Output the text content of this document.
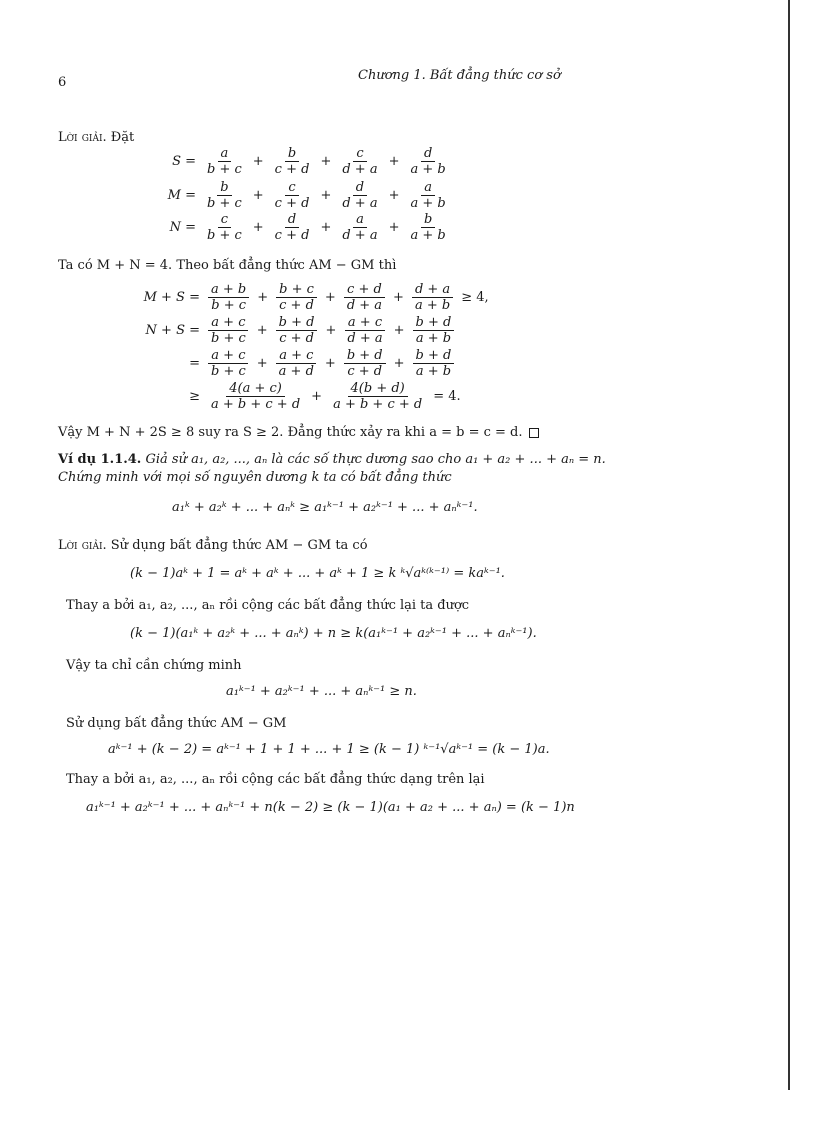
6	Chương 1. Bất đẳng thức cơ sở
Lời giải. Đặt
$S = \frac{a}{b + c} + \frac{b}{c + d} + \frac{c}{d + a} + \frac{d}{a + b}$
$M = \frac{b}{b + c} + \frac{c}{c + d} + \frac{d}{d + a} + \frac{a}{a + b}$
$N = \frac{c}{b + c} + \frac{d}{c + d} + \frac{a}{d + a} + \frac{b}{a + b}$
Ta có M + N = 4. Theo bất đẳng thức AM − GM thì
$M + S = \frac{a + b}{b + c} + \frac{b + c}{c + d} + \frac{c + d}{d + a} + \frac{d + a}{a + b} \ge 4$,
$N + S = \frac{a + c}{b + c} + \frac{b + d}{c + d} + \frac{a + c}{d + a} + \frac{b + d}{a + b}$
= $\frac{a + c}{b + c} + \frac{a + c}{a + d} + \frac{b + d}{c + d} + \frac{b + d}{a + b}$
≥ $\frac{4(a + c)}{a + b + c + d} + \frac{4(b + d)}{a + b + c + d} = 4$.
Vậy M + N + 2S ≥ 8 suy ra S ≥ 2. Đẳng thức xảy ra khi a = b = c = d.
Ví dụ 1.1.4. Giả sử a₁, a₂, ..., aₙ là các số thực dương sao cho a₁ + a₂ + ... + aₙ = n.
Chứng minh với mọi số nguyên dương k ta có bất đẳng thức
a₁ᵏ + a₂ᵏ + ... + aₙᵏ ≥ a₁ᵏ⁻¹ + a₂ᵏ⁻¹ + ... + aₙᵏ⁻¹.
Lời giải. Sử dụng bất đẳng thức AM − GM ta có
(k − 1)aᵏ + 1 = aᵏ + aᵏ + ... + aᵏ + 1 ≥ k ᵏ√aᵏ⁽ᵏ⁻¹⁾ = kaᵏ⁻¹.
Thay a bởi a₁, a₂, ..., aₙ rồi cộng các bất đẳng thức lại ta được
(k − 1)(a₁ᵏ + a₂ᵏ + ... + aₙᵏ) + n ≥ k(a₁ᵏ⁻¹ + a₂ᵏ⁻¹ + ... + aₙᵏ⁻¹).
Vậy ta chỉ cần chứng minh
a₁ᵏ⁻¹ + a₂ᵏ⁻¹ + ... + aₙᵏ⁻¹ ≥ n.
Sử dụng bất đẳng thức AM − GM
aᵏ⁻¹ + (k − 2) = aᵏ⁻¹ + 1 + 1 + ... + 1 ≥ (k − 1) ᵏ⁻¹√aᵏ⁻¹ = (k − 1)a.
Thay a bởi a₁, a₂, ..., aₙ rồi cộng các bất đẳng thức dạng trên lại
a₁ᵏ⁻¹ + a₂ᵏ⁻¹ + ... + aₙᵏ⁻¹ + n(k − 2) ≥ (k − 1)(a₁ + a₂ + ... + aₙ) = (k − 1)n
